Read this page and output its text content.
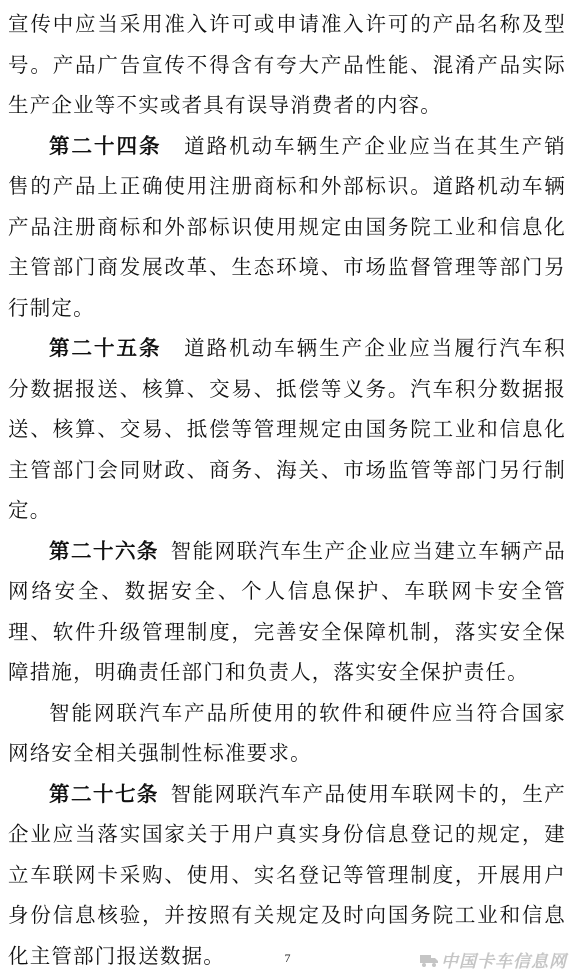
宣传中应当采用准入许可或申请准入许可的产品名称及型号。产品广告宣传不得含有夸大产品性能、混淆产品实际生产企业等不实或者具有误导消费者的内容。

第二十四条  道路机动车辆生产企业应当在其生产销售的产品上正确使用注册商标和外部标识。道路机动车辆产品注册商标和外部标识使用规定由国务院工业和信息化主管部门商发展改革、生态环境、市场监督管理等部门另行制定。

第二十五条  道路机动车辆生产企业应当履行汽车积分数据报送、核算、交易、抵偿等义务。汽车积分数据报送、核算、交易、抵偿等管理规定由国务院工业和信息化主管部门会同财政、商务、海关、市场监管等部门另行制定。

第二十六条  智能网联汽车生产企业应当建立车辆产品网络安全、数据安全、个人信息保护、车联网卡安全管理、软件升级管理制度，完善安全保障机制，落实安全保障措施，明确责任部门和负责人，落实安全保护责任。

智能网联汽车产品所使用的软件和硬件应当符合国家网络安全相关强制性标准要求。

第二十七条  智能网联汽车产品使用车联网卡的，生产企业应当落实国家关于用户真实身份信息登记的规定，建立车联网卡采购、使用、实名登记等管理制度，开展用户身份信息核验，并按照有关规定及时向国务院工业和信息化主管部门报送数据。	7	中国卡车信息网
